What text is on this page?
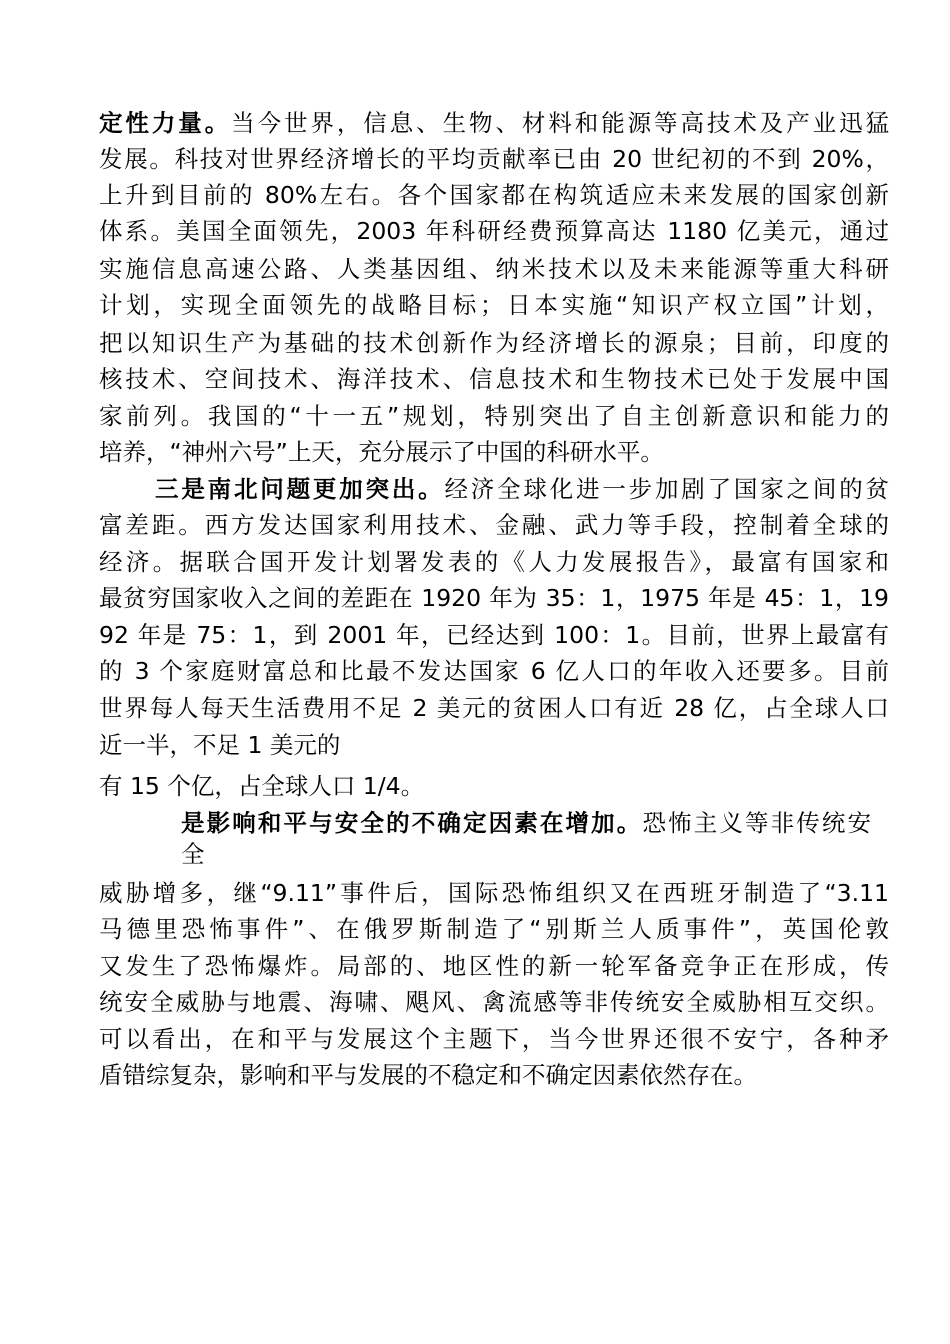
定性力量。当今世界，信息、生物、材料和能源等高技术及产业迅猛
发展。科技对世界经济增长的平均贡献率已由 20 世纪初的不到 20%，
上升到目前的 80%左右。各个国家都在构筑适应未来发展的国家创新
体系。美国全面领先，2003 年科研经费预算高达 1180 亿美元，通过
实施信息高速公路、人类基因组、纳米技术以及未来能源等重大科研
计划，实现全面领先的战略目标；日本实施“知识产权立国”计划，
把以知识生产为基础的技术创新作为经济增长的源泉；目前，印度的
核技术、空间技术、海洋技术、信息技术和生物技术已处于发展中国
家前列。我国的“十一五”规划，特别突出了自主创新意识和能力的
培养，“神州六号”上天，充分展示了中国的科研水平。
三是南北问题更加突出。经济全球化进一步加剧了国家之间的贫
富差距。西方发达国家利用技术、金融、武力等手段，控制着全球的
经济。据联合国开发计划署发表的《人力发展报告》，最富有国家和
最贫穷国家收入之间的差距在 1920 年为 35：1，1975 年是 45：1，19
92 年是 75：1，到 2001 年，已经达到 100：1。目前，世界上最富有
的 3 个家庭财富总和比最不发达国家 6 亿人口的年收入还要多。目前
世界每人每天生活费用不足 2 美元的贫困人口有近 28 亿，占全球人口
近一半，不足 1 美元的
有 15 个亿，占全球人口 1/4。
是影响和平与安全的不确定因素在增加。恐怖主义等非传统安
全
威胁增多，继“9.11”事件后，国际恐怖组织又在西班牙制造了“3.11
马德里恐怖事件”、在俄罗斯制造了“别斯兰人质事件”，英国伦敦
又发生了恐怖爆炸。局部的、地区性的新一轮军备竞争正在形成，传
统安全威胁与地震、海啸、飓风、禽流感等非传统安全威胁相互交织。
可以看出，在和平与发展这个主题下，当今世界还很不安宁，各种矛
盾错综复杂，影响和平与发展的不稳定和不确定因素依然存在。
